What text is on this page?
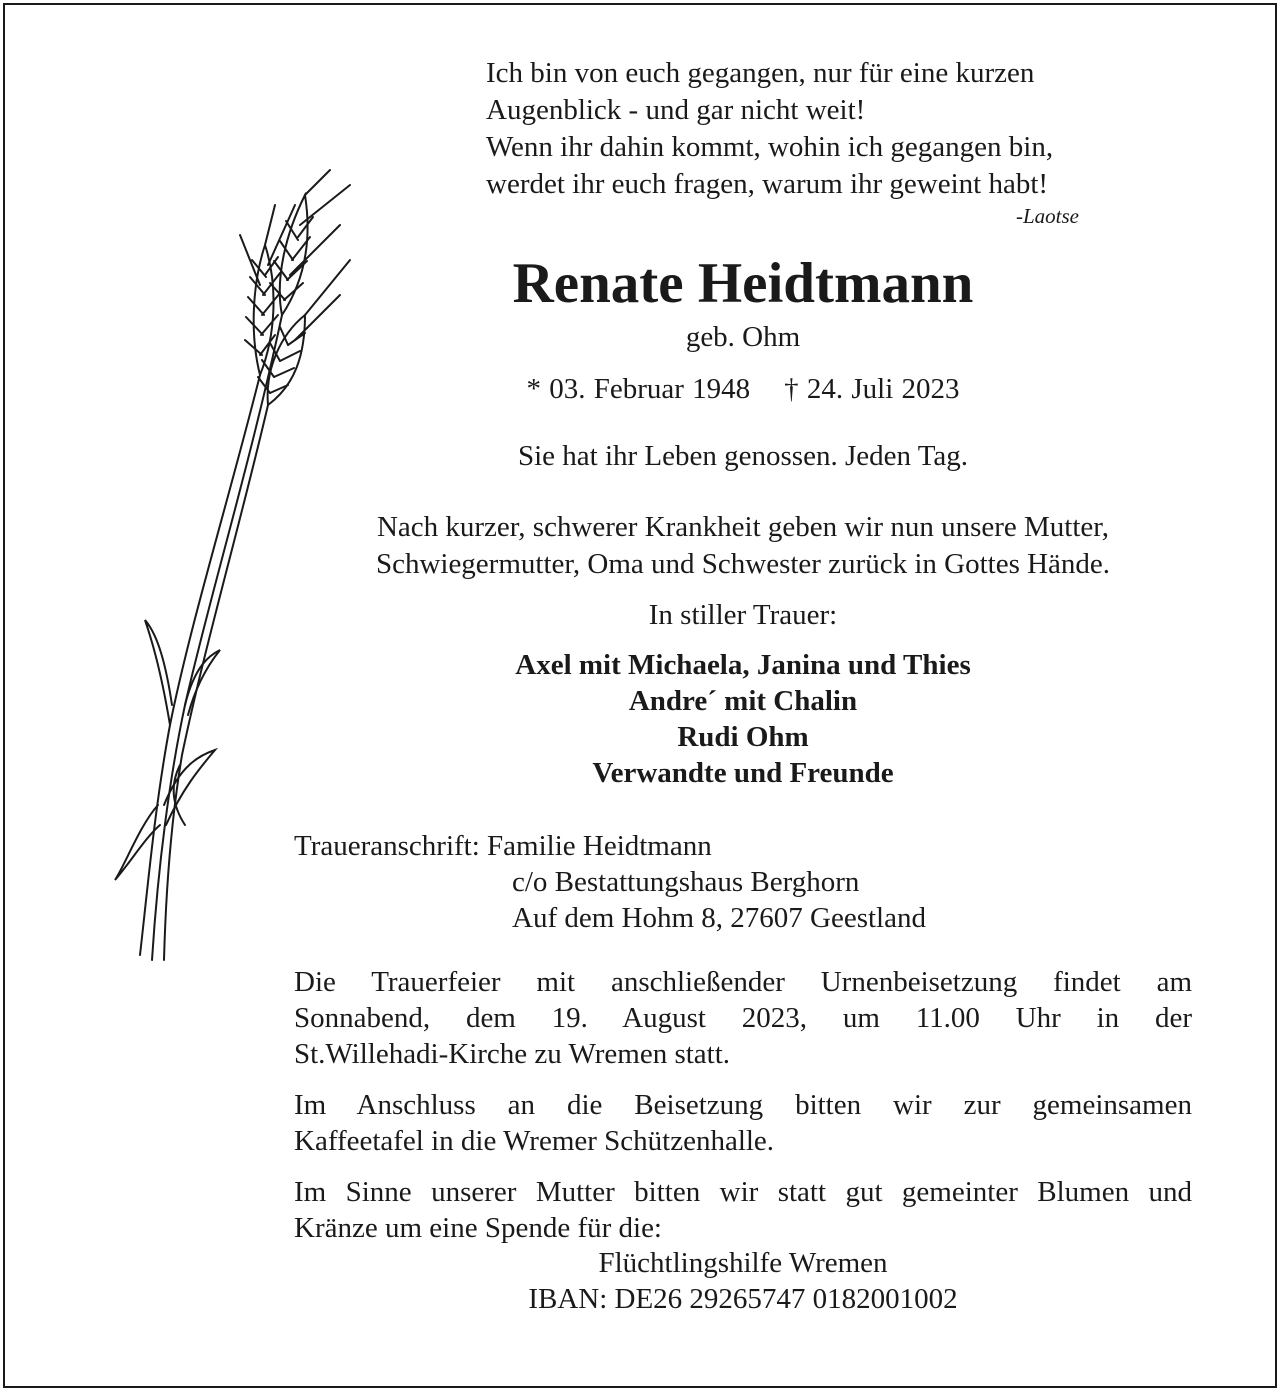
Ich bin von euch gegangen, nur für eine kurzen
Augenblick - und gar nicht weit!
Wenn ihr dahin kommt, wohin ich gegangen bin,
werdet ihr euch fragen, warum ihr geweint habt!
-Laotse
Renate Heidtmann
geb. Ohm
* 03. Februar 1948 † 24. Juli 2023
Sie hat ihr Leben genossen. Jeden Tag.
Nach kurzer, schwerer Krankheit geben wir nun unsere Mutter,
Schwiegermutter, Oma und Schwester zurück in Gottes Hände.
In stiller Trauer:
Axel mit Michaela, Janina und Thies
Andre´ mit Chalin
Rudi Ohm
Verwandte und Freunde
Traueranschrift: Familie Heidtmann
c/o Bestattungshaus Berghorn
Auf dem Hohm 8, 27607 Geestland
Die Trauerfeier mit anschließender Urnenbeisetzung findet am
Sonnabend, dem 19. August 2023, um 11.00 Uhr in der
St.Willehadi-Kirche zu Wremen statt.
Im Anschluss an die Beisetzung bitten wir zur gemeinsamen
Kaffeetafel in die Wremer Schützenhalle.
Im Sinne unserer Mutter bitten wir statt gut gemeinter Blumen und
Kränze um eine Spende für die:
Flüchtlingshilfe Wremen
IBAN: DE26 29265747 0182001002
